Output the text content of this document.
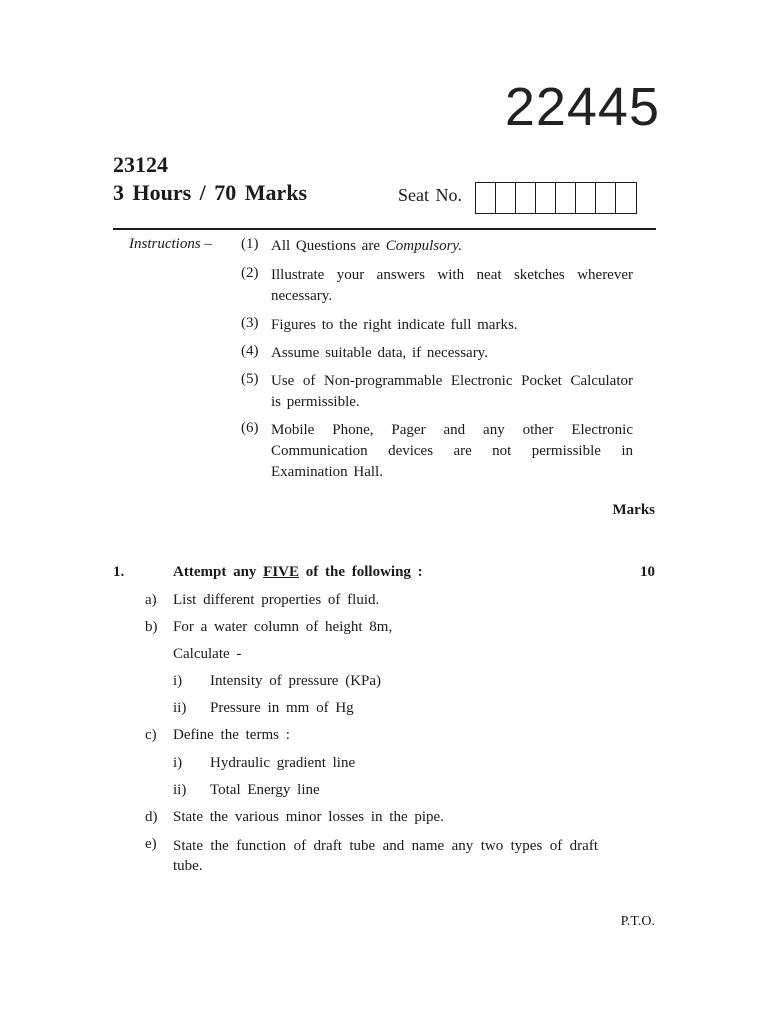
22445
23124
3 Hours / 70 Marks	Seat No.
Instructions – (1) All Questions are Compulsory.
(2) Illustrate your answers with neat sketches wherever necessary.
(3) Figures to the right indicate full marks.
(4) Assume suitable data, if necessary.
(5) Use of Non-programmable Electronic Pocket Calculator is permissible.
(6) Mobile Phone, Pager and any other Electronic Communication devices are not permissible in Examination Hall.
Marks
1.	Attempt any FIVE of the following :	10
a) List different properties of fluid.
b) For a water column of height 8m,
Calculate -
i) Intensity of pressure (KPa)
ii) Pressure in mm of Hg
c) Define the terms :
i) Hydraulic gradient line
ii) Total Energy line
d) State the various minor losses in the pipe.
e) State the function of draft tube and name any two types of draft tube.
P.T.O.
